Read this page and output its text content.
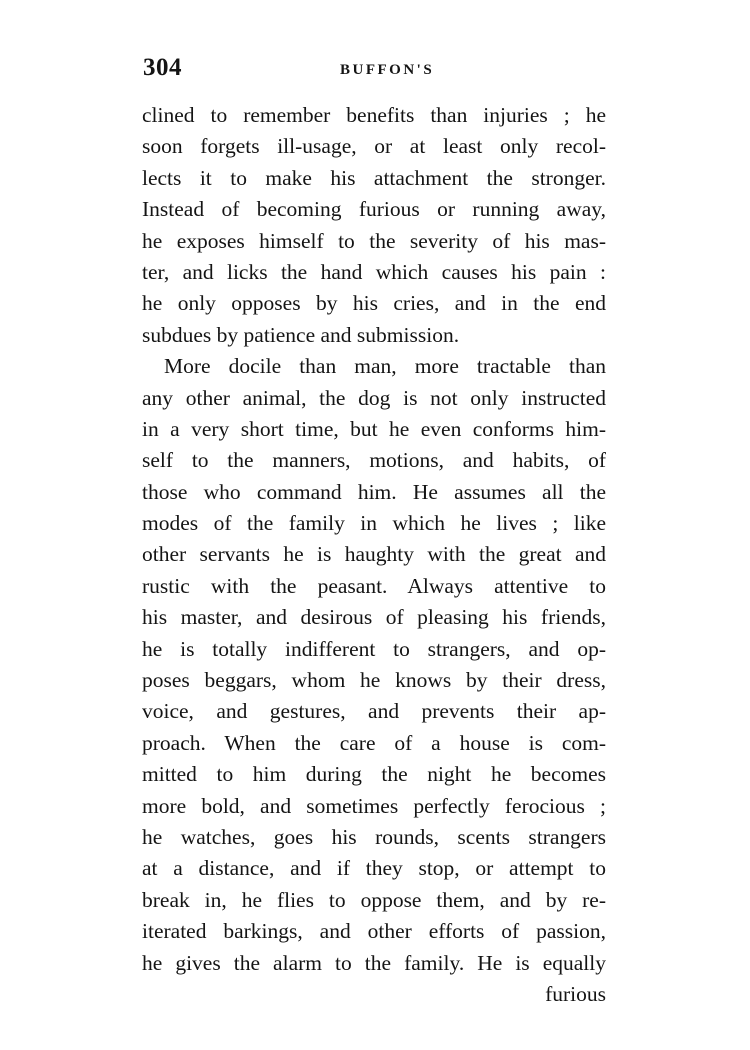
304	BUFFON'S
clined to remember benefits than injuries ; he
soon forgets ill-usage, or at least only recol-
lects it to make his attachment the stronger.
Instead of becoming furious or running away,
he exposes himself to the severity of his mas-
ter, and licks the hand which causes his pain :
he only opposes by his cries, and in the end
subdues by patience and submission.
More docile than man, more tractable than
any other animal, the dog is not only instructed
in a very short time, but he even conforms him-
self to the manners, motions, and habits, of
those who command him. He assumes all the
modes of the family in which he lives ; like
other servants he is haughty with the great and
rustic with the peasant. Always attentive to
his master, and desirous of pleasing his friends,
he is totally indifferent to strangers, and op-
poses beggars, whom he knows by their dress,
voice, and gestures, and prevents their ap-
proach. When the care of a house is com-
mitted to him during the night he becomes
more bold, and sometimes perfectly ferocious ;
he watches, goes his rounds, scents strangers
at a distance, and if they stop, or attempt to
break in, he flies to oppose them, and by re-
iterated barkings, and other efforts of passion,
he gives the alarm to the family. He is equally
furious
